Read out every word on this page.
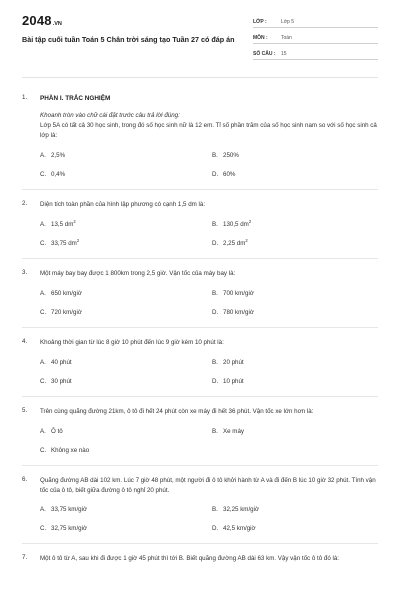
2048 .VN
Bài tập cuối tuần Toán 5 Chân trời sáng tạo Tuần 27 có đáp án
LỚP :	Lớp 5
MÔN :	Toán
SỐ CÂU :	15
1.	PHẦN I. TRẮC NGHIỆM
Khoanh tròn vào chữ cái đặt trước câu trả lời đúng:
Lớp 5A có tất cả 30 học sinh, trong đó số học sinh nữ là 12 em. Tỉ số phần trăm của số học sinh nam so với số học sinh cả lớp là:
A. 2,5%	B. 250%
C. 0,4%	D. 60%
2.	Diện tích toàn phần của hình lập phương có cạnh 1,5 dm là:
A. 13,5 $dm^2$	B. 130,5 $dm^2$
C. 33,75 $dm^2$	D. 2,25 $dm^2$
3.	Một máy bay bay được 1 800km trong 2,5 giờ. Vận tốc của máy bay là:
A. 650 km/giờ	B. 700 km/giờ
C. 720 km/giờ	D. 780 km/giờ
4.	Khoảng thời gian từ lúc 8 giờ 10 phút đến lúc 9 giờ kém 10 phút là:
A. 40 phút	B. 20 phút
C. 30 phút	D. 10 phút
5.	Trên cùng quãng đường 21km, ô tô đi hết 24 phút còn xe máy đi hết 36 phút. Vận tốc xe lớn hơn là:
A. Ô tô	B. Xe máy
C. Không xe nào
6.	Quãng đường AB dài 102 km. Lúc 7 giờ 48 phút, một người đi ô tô khởi hành từ A và đi đến B lúc 10 giờ 32 phút. Tính vận tốc của ô tô, biết giữa đường ô tô nghỉ 20 phút.
A. 33,75 km/giờ	B. 32,25 km/giờ
C. 32,75 km/giờ	D. 42,5 km/giờ
7.	Một ô tô từ A, sau khi đi được 1 giờ 45 phút thì tới B. Biết quãng đường AB dài 63 km. Vậy vận tốc ô tô đó là:
